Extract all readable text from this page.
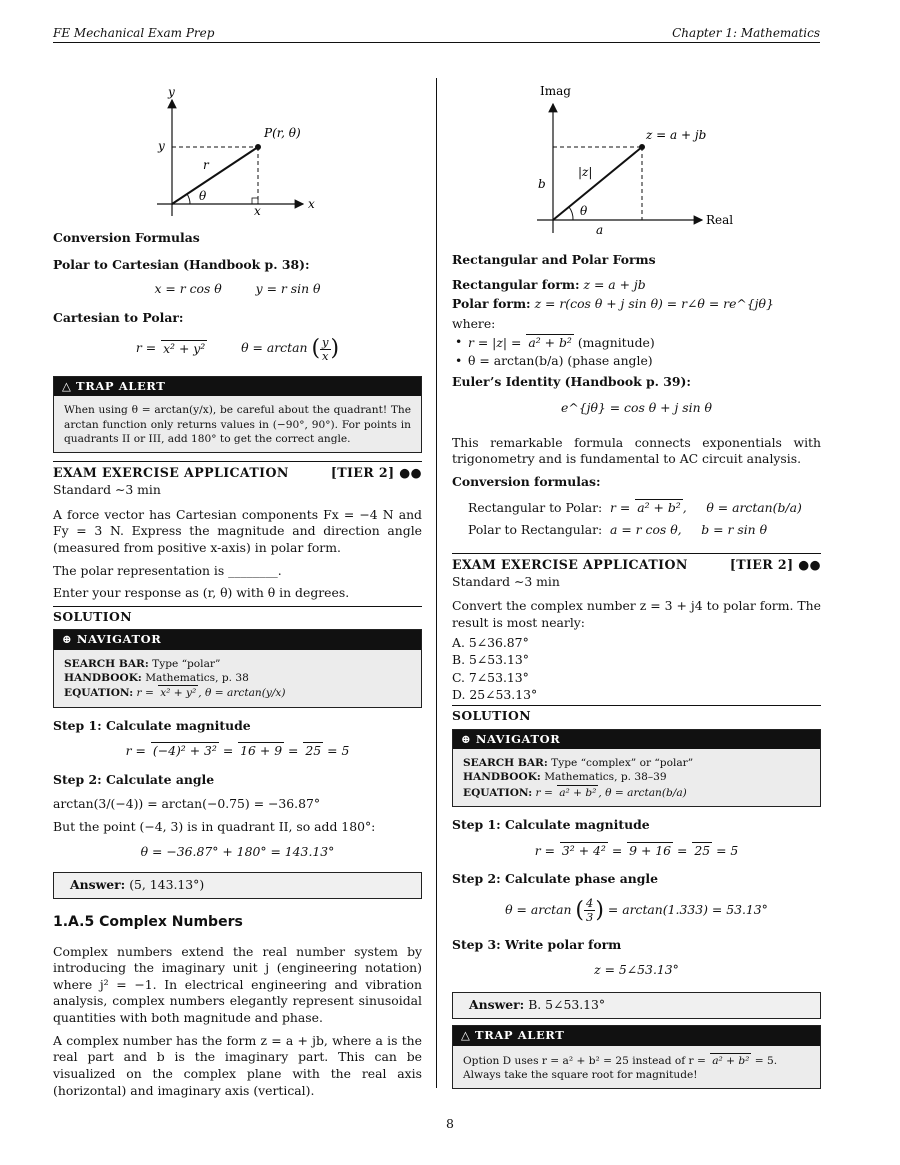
FE Mechanical Exam Prep	Chapter 1: Mathematics
y
x
y
x
r
θ
P(r, θ)
Conversion Formulas
Polar to Cartesian (Handbook p. 38):
x = r cos θ	y = r sin θ
Cartesian to Polar:
r = x² + y²	θ = arctan ( $\frac{y}{x}$ )
△ TRAP ALERT
When using θ = arctan(y/x), be careful about the quadrant! The arctan function only returns values in (−90°, 90°). For points in quadrants II or III, add 180° to get the correct angle.
EXAM EXERCISE APPLICATION	[TIER 2] ●●
Standard ∼3 min

A force vector has Cartesian components Fx = −4 N and Fy = 3 N. Express the magnitude and direction angle (measured from positive x-axis) in polar form.

The polar representation is ________.

Enter your response as (r, θ) with θ in degrees.

SOLUTION
⊕ NAVIGATOR
SEARCH BAR: Type “polar”
HANDBOOK: Mathematics, p. 38
EQUATION: r = x² + y² , θ = arctan(y/x)
Step 1: Calculate magnitude
r = (−4)² + 3² = 16 + 9 = 25 = 5
Step 2: Calculate angle

arctan(3/(−4)) = arctan(−0.75) = −36.87°

But the point (−4, 3) is in quadrant II, so add 180°:

θ = −36.87° + 180° = 143.13°
Answer: (5, 143.13°)
1.A.5 Complex Numbers

Complex numbers extend the real number system by introducing the imaginary unit j (engineering notation) where j² = −1. In electrical engineering and vibration analysis, complex numbers elegantly represent sinusoidal quantities with both magnitude and phase.

A complex number has the form z = a + jb, where a is the real part and b is the imaginary part. This can be visualized on the complex plane with the real axis (horizontal) and imaginary axis (vertical).

Imag
Real
z = a + jb
|z|
b
a
θ
Rectangular and Polar Forms

Rectangular form: z = a + jb

Polar form: z = r(cos θ + j sin θ) = r∠θ = re^{jθ}

where:

• r = |z| = a² + b² (magnitude)
• θ = arctan(b/a) (phase angle)
Euler’s Identity (Handbook p. 39):
e^{jθ} = cos θ + j sin θ

This remarkable formula connects exponentials with trigonometry and is fundamental to AC circuit analysis.

Conversion formulas:
Rectangular to Polar: r = a² + b² ,     θ = arctan(b/a)
Polar to Rectangular: a = r cos θ,     b = r sin θ
EXAM EXERCISE APPLICATION	[TIER 2] ●●
Standard ∼3 min

Convert the complex number z = 3 + j4 to polar form. The result is most nearly:

A. 5∠36.87°
B. 5∠53.13°
C. 7∠53.13°
D. 25∠53.13°
SOLUTION
⊕ NAVIGATOR
SEARCH BAR: Type “complex” or “polar”
HANDBOOK: Mathematics, p. 38–39
EQUATION: r = a² + b² , θ = arctan(b/a)
Step 1: Calculate magnitude
r = 3² + 4² = 9 + 16 = 25 = 5
Step 2: Calculate phase angle
θ = arctan ( $\frac{4}{3}$ ) = arctan(1.333) = 53.13°
Step 3: Write polar form
z = 5∠53.13°
Answer: B. 5∠53.13°
△ TRAP ALERT
Option D uses r = a² + b² = 25 instead of r = a² + b² = 5. Always take the square root for magnitude!
8
